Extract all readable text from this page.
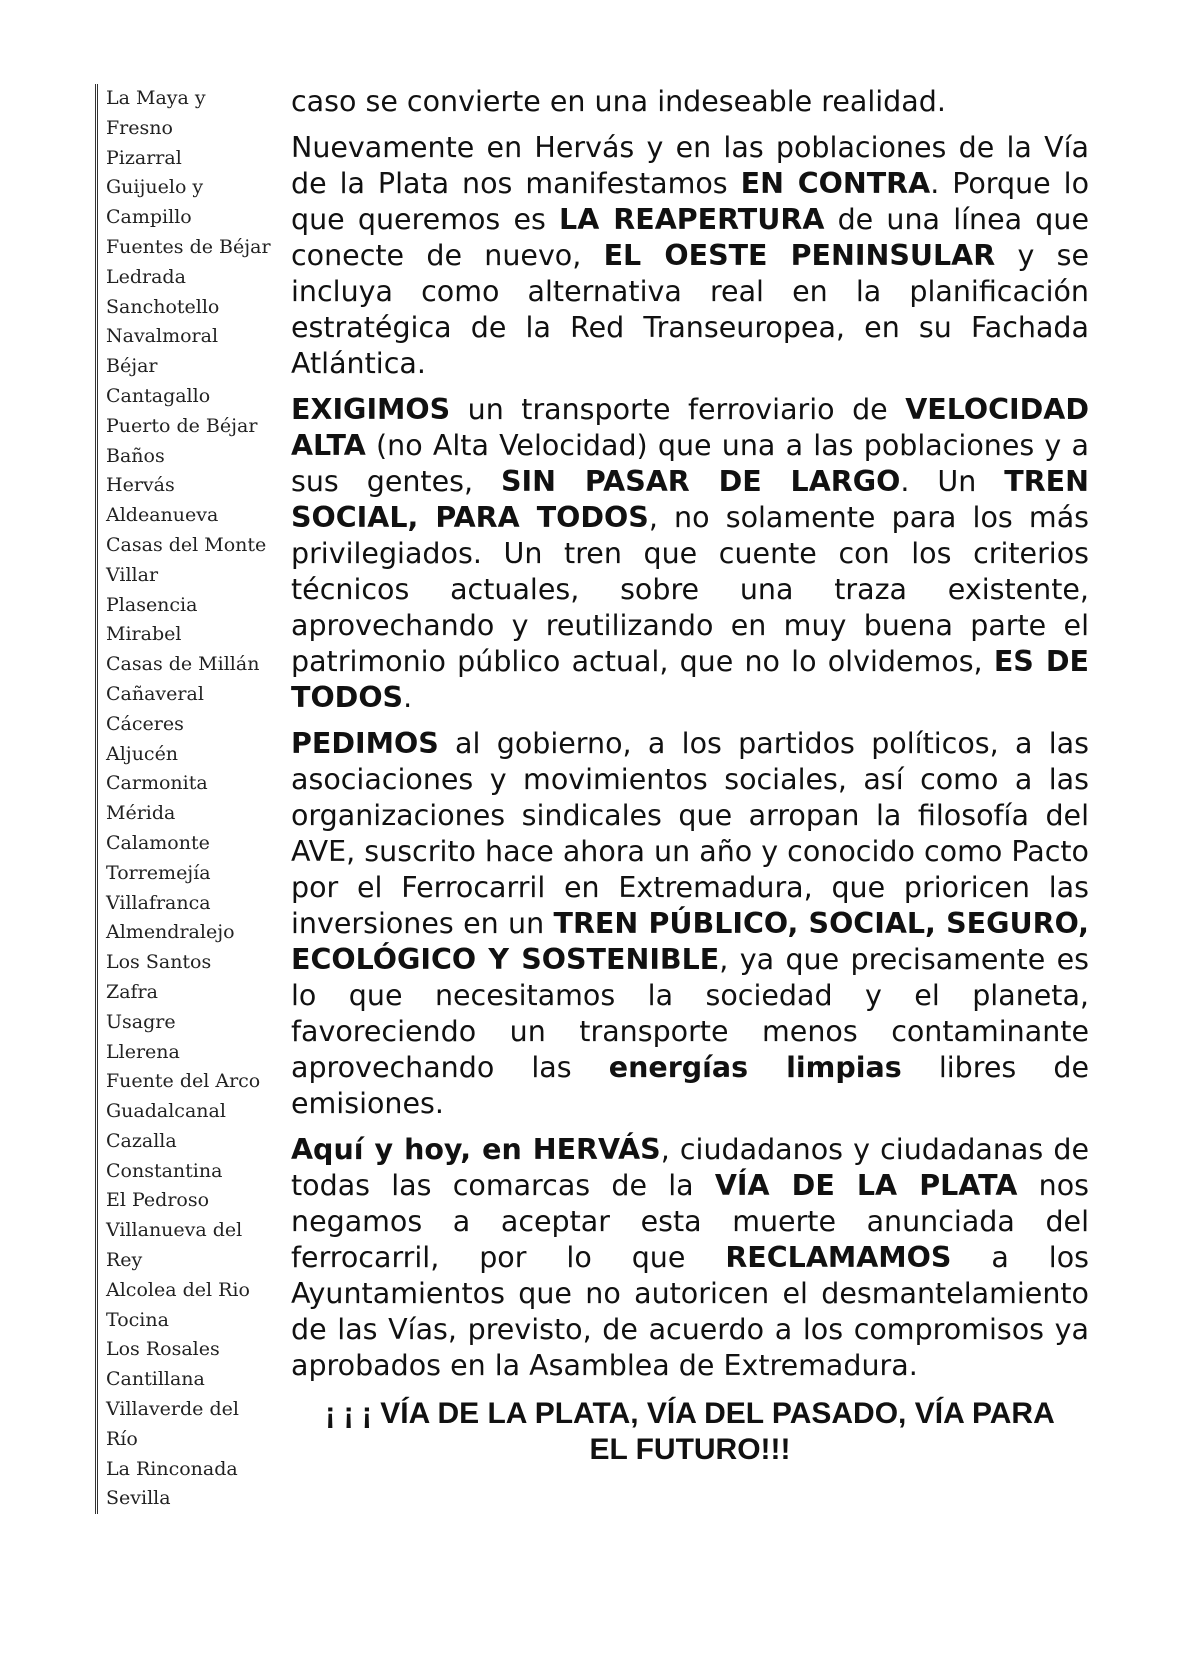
La Maya y
Fresno
Pizarral
Guijuelo y
Campillo
Fuentes de Béjar
Ledrada
Sanchotello
Navalmoral
Béjar
Cantagallo
Puerto de Béjar
Baños
Hervás
Aldeanueva
Casas del Monte
Villar
Plasencia
Mirabel
Casas de Millán
Cañaveral
Cáceres
Aljucén
Carmonita
Mérida
Calamonte
Torremejía
Villafranca
Almendralejo
Los Santos
Zafra
Usagre
Llerena
Fuente del Arco
Guadalcanal
Cazalla
Constantina
El Pedroso
Villanueva del
Rey
Alcolea del Rio
Tocina
Los Rosales
Cantillana
Villaverde del
Río
La Rinconada
Sevilla

caso se convierte en una indeseable realidad.

Nuevamente en Hervás y en las poblaciones de la Vía de la Plata nos manifestamos EN CONTRA. Porque lo que queremos es LA REAPERTURA de una línea que conecte de nuevo, EL OESTE PENINSULAR y se incluya como alternativa real en la planificación estratégica de la Red Transeuropea, en su Fachada Atlántica.

EXIGIMOS un transporte ferroviario de VELOCIDAD ALTA (no Alta Velocidad) que una a las poblaciones y a sus gentes, SIN PASAR DE LARGO. Un TREN SOCIAL, PARA TODOS, no solamente para los más privilegiados. Un tren que cuente con los criterios técnicos actuales, sobre una traza existente, aprovechando y reutilizando en muy buena parte el patrimonio público actual, que no lo olvidemos, ES DE TODOS.

PEDIMOS al gobierno, a los partidos políticos, a las asociaciones y movimientos sociales, así como a las organizaciones sindicales que arropan la filosofía del AVE, suscrito hace ahora un año y conocido como Pacto por el Ferrocarril en Extremadura, que prioricen las inversiones en un TREN PÚBLICO, SOCIAL, SEGURO, ECOLÓGICO Y SOSTENIBLE, ya que precisamente es lo que necesitamos la sociedad y el planeta, favoreciendo un transporte menos contaminante aprovechando las energías limpias libres de emisiones.

Aquí y hoy, en HERVÁS, ciudadanos y ciudadanas de todas las comarcas de la VÍA DE LA PLATA nos negamos a aceptar esta muerte anunciada del ferrocarril, por lo que RECLAMAMOS a los Ayuntamientos que no autoricen el desmantelamiento de las Vías, previsto, de acuerdo a los compromisos ya aprobados en la Asamblea de Extremadura.

¡ ¡ ¡ VÍA DE LA PLATA, VÍA DEL PASADO, VÍA PARA
EL FUTURO!!!
